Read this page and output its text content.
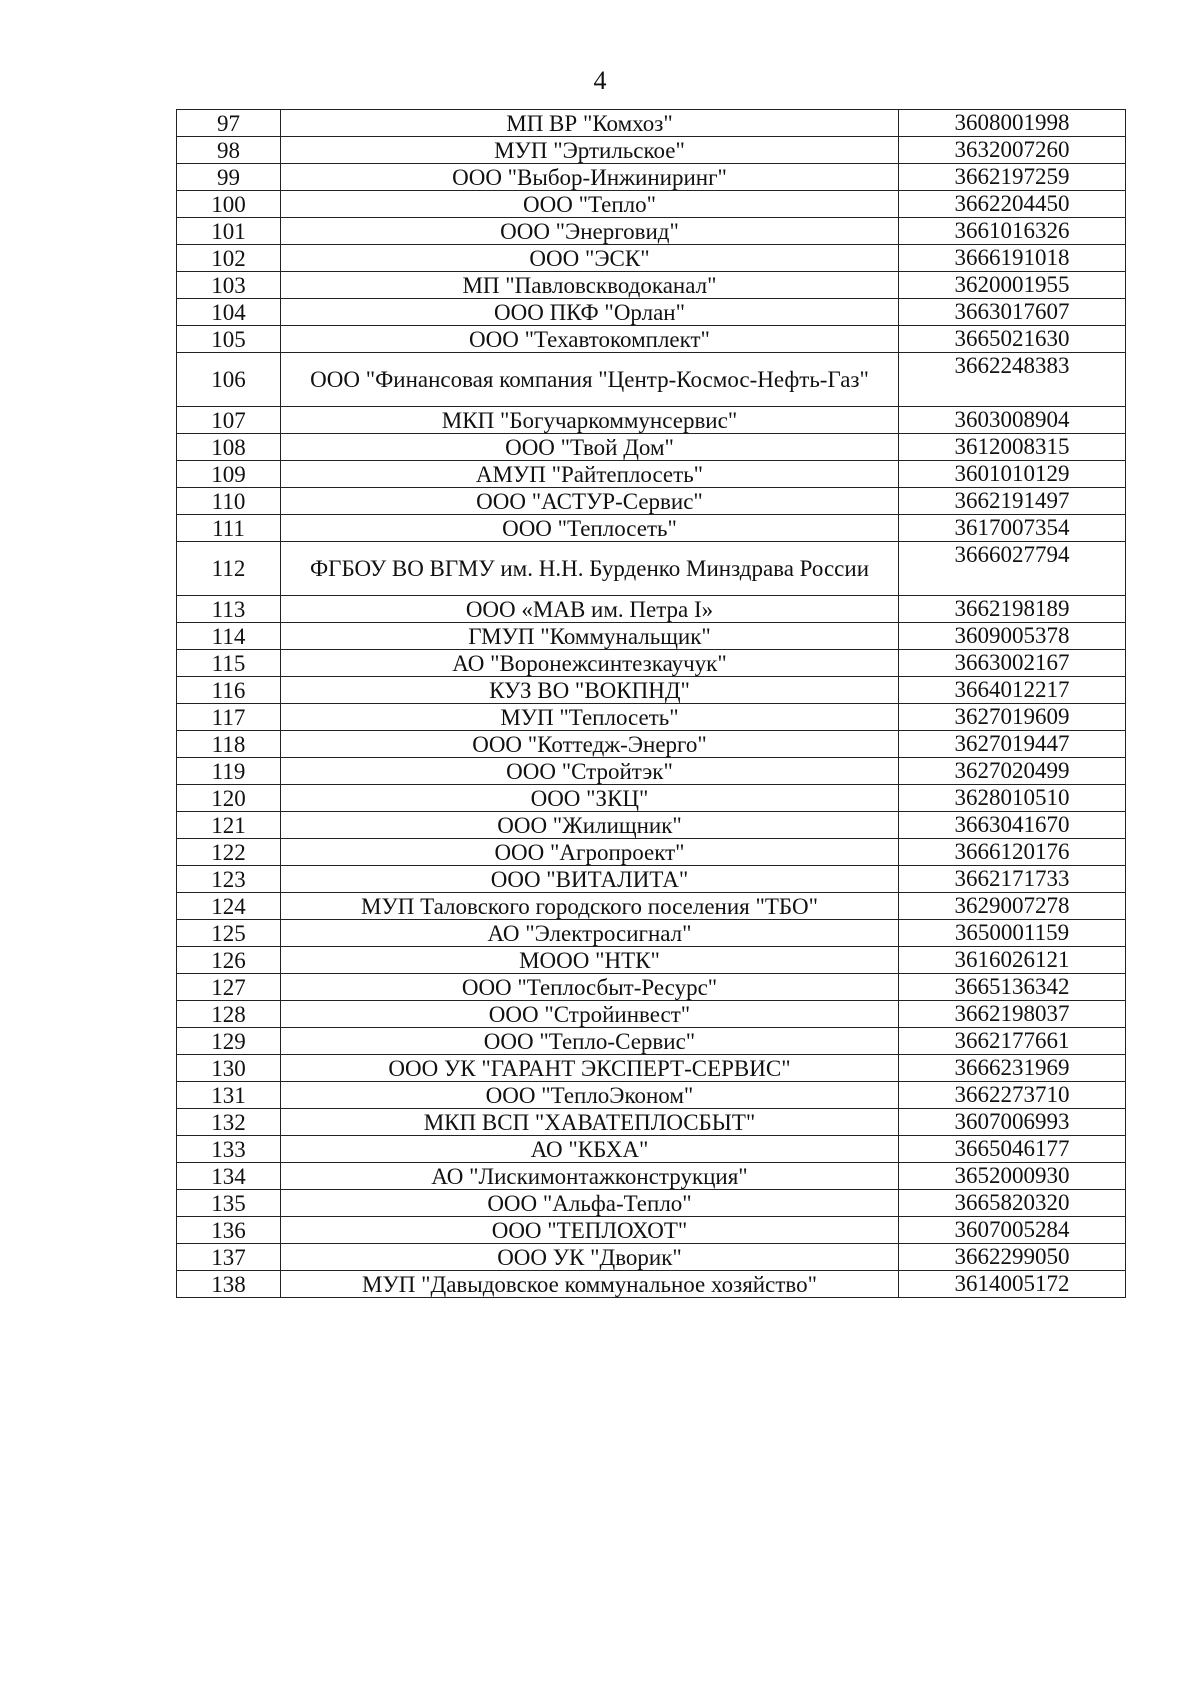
4
97	МП ВР "Комхоз"	3608001998
98	МУП "Эртильское"	3632007260
99	ООО "Выбор-Инжиниринг"	3662197259
100	ООО "Тепло"	3662204450
101	ООО "Энерговид"	3661016326
102	ООО "ЭСК"	3666191018
103	МП "Павловскводоканал"	3620001955
104	ООО ПКФ "Орлан"	3663017607
105	ООО "Техавтокомплект"	3665021630
106	ООО "Финансовая компания "Центр-Космос-Нефть-Газ"	3662248383
107	МКП "Богучаркоммунсервис"	3603008904
108	ООО "Твой Дом"	3612008315
109	АМУП "Райтеплосеть"	3601010129
110	ООО "АСТУР-Сервис"	3662191497
111	ООО "Теплосеть"	3617007354
112	ФГБОУ ВО ВГМУ им. Н.Н. Бурденко Минздрава России	3666027794
113	ООО «МАВ им. Петра I»	3662198189
114	ГМУП "Коммунальщик"	3609005378
115	АО "Воронежсинтезкаучук"	3663002167
116	КУЗ ВО "ВОКПНД"	3664012217
117	МУП "Теплосеть"	3627019609
118	ООО "Коттедж-Энерго"	3627019447
119	ООО "Стройтэк"	3627020499
120	ООО "ЗКЦ"	3628010510
121	ООО "Жилищник"	3663041670
122	ООО "Агропроект"	3666120176
123	ООО "ВИТАЛИТА"	3662171733
124	МУП Таловского городского поселения "ТБО"	3629007278
125	АО "Электросигнал"	3650001159
126	МООО "НТК"	3616026121
127	ООО "Теплосбыт-Ресурс"	3665136342
128	ООО "Стройинвест"	3662198037
129	ООО "Тепло-Сервис"	3662177661
130	ООО УК "ГАРАНТ ЭКСПЕРТ-СЕРВИС"	3666231969
131	ООО "ТеплоЭконом"	3662273710
132	МКП ВСП "ХАВАТЕПЛОСБЫТ"	3607006993
133	АО "КБХА"	3665046177
134	АО "Лискимонтажконструкция"	3652000930
135	ООО "Альфа-Тепло"	3665820320
136	ООО "ТЕПЛОХОТ"	3607005284
137	ООО УК "Дворик"	3662299050
138	МУП "Давыдовское коммунальное хозяйство"	3614005172
